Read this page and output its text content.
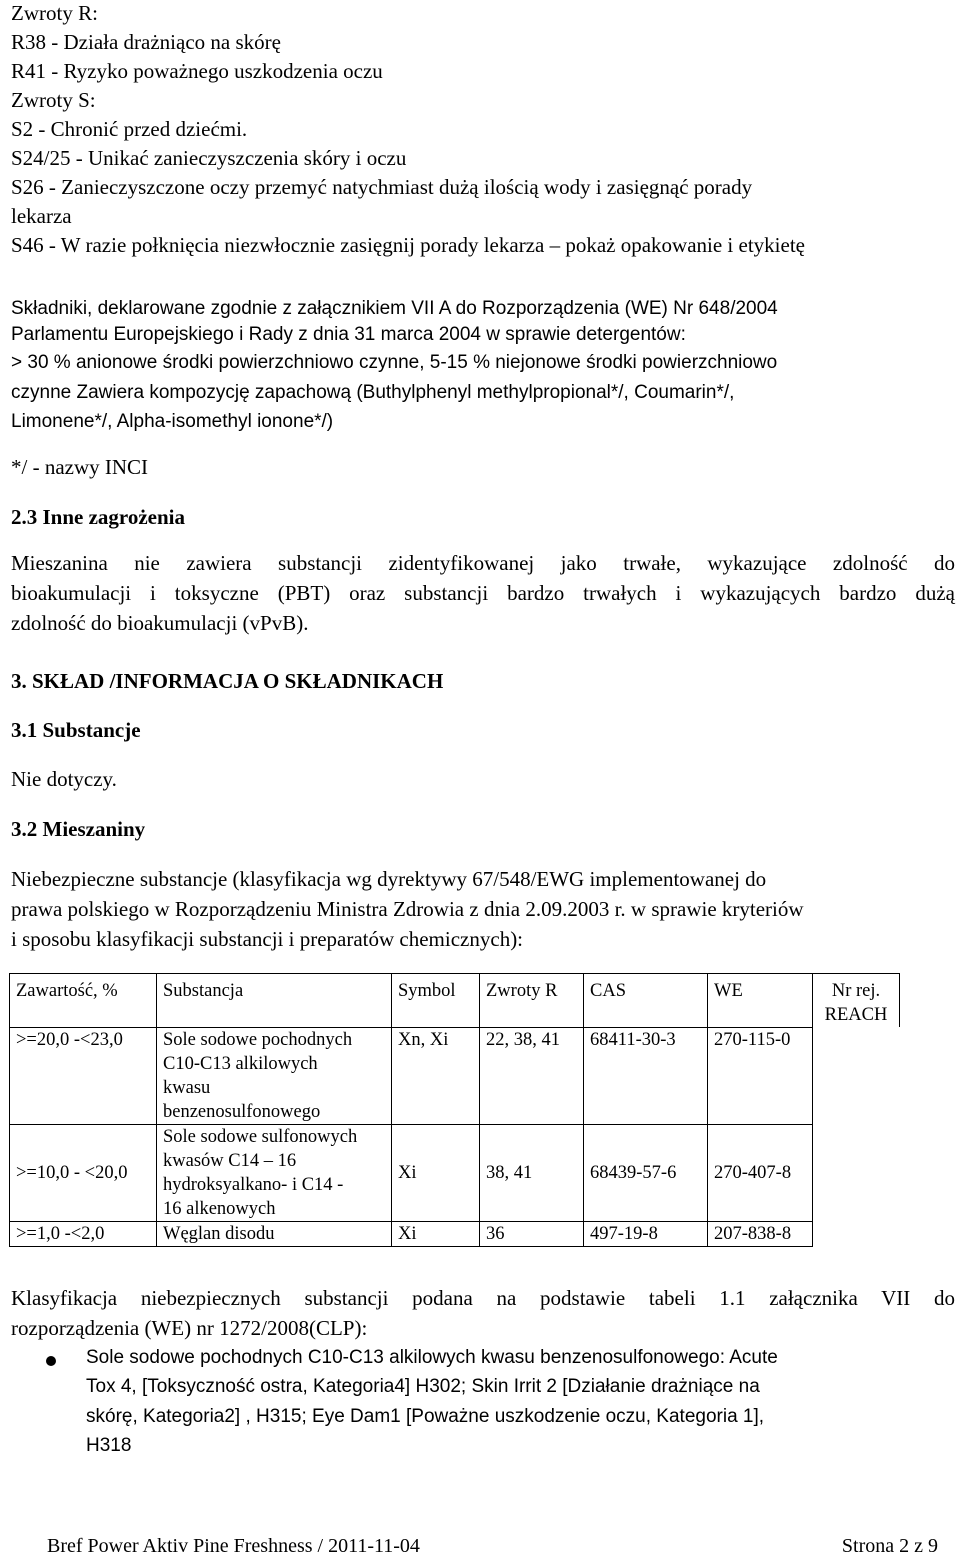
Zwroty R:
R38 - Działa drażniąco na skórę
R41 - Ryzyko poważnego uszkodzenia oczu
Zwroty S:
S2 - Chronić przed dziećmi.
S24/25 - Unikać zanieczyszczenia skóry i oczu
S26 - Zanieczyszczone oczy przemyć natychmiast dużą ilością wody i zasięgnąć porady
lekarza
S46 - W razie połknięcia niezwłocznie zasięgnij porady lekarza – pokaż opakowanie i etykietę
Składniki, deklarowane zgodnie z załącznikiem VII A do Rozporządzenia (WE) Nr 648/2004
Parlamentu Europejskiego i Rady z dnia 31 marca 2004 w sprawie detergentów:
> 30 % anionowe środki powierzchniowo czynne, 5-15 % niejonowe środki powierzchniowo
czynne Zawiera kompozycję zapachową (Buthylphenyl methylpropional*/, Coumarin*/,
Limonene*/, Alpha-isomethyl ionone*/)
*/ - nazwy INCI
2.3 Inne zagrożenia
Mieszanina nie zawiera substancji zidentyfikowanej jako trwałe, wykazujące zdolność do
bioakumulacji i toksyczne (PBT) oraz substancji bardzo trwałych i wykazujących bardzo dużą
zdolność do bioakumulacji (vPvB).
3. SKŁAD /INFORMACJA O SKŁADNIKACH
3.1 Substancje
Nie dotyczy.
3.2 Mieszaniny
Niebezpieczne substancje (klasyfikacja wg dyrektywy 67/548/EWG implementowanej do
prawa polskiego w Rozporządzeniu Ministra Zdrowia z dnia 2.09.2003 r. w sprawie kryteriów
i sposobu klasyfikacji substancji i preparatów chemicznych):
Zawartość, %	Substancja	Symbol	Zwroty R	CAS	WE	Nr rej.
REACH

>=20,0 -<23,0	Sole sodowe pochodnych
C10-C13 alkilowych
kwasu
benzenosulfonowego	Xn, Xi	22, 38, 41	68411-30-3	270-115-0	
>=10,0 - <20,0	Sole sodowe sulfonowych
kwasów C14 – 16
hydroksyalkano- i C14 -
16 alkenowych	Xi	38, 41	68439-57-6	270-407-8	
>=1,0 -<2,0	Węglan disodu	Xi	36	497-19-8	207-838-8	
Klasyfikacja niebezpiecznych substancji podana na podstawie tabeli 1.1 załącznika VII do
rozporządzenia (WE) nr 1272/2008(CLP):
Sole sodowe pochodnych C10-C13 alkilowych kwasu benzenosulfonowego: Acute
Tox 4, [Toksyczność ostra, Kategoria4] H302; Skin Irrit 2 [Działanie drażniące na
skórę, Kategoria2] , H315; Eye Dam1 [Poważne uszkodzenie oczu, Kategoria 1],
H318
Bref Power Aktiv Pine Freshness / 2011-11-04	Strona 2 z 9
